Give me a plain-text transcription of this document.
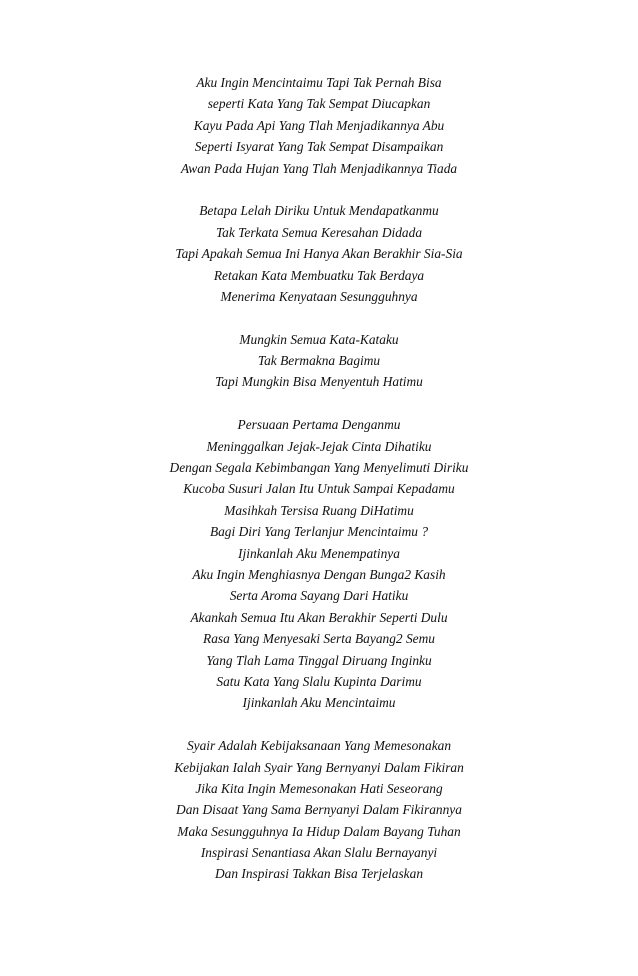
Aku Ingin Mencintaimu Tapi Tak Pernah Bisa
seperti Kata Yang Tak Sempat Diucapkan
Kayu Pada Api Yang Tlah Menjadikannya Abu
Seperti Isyarat Yang Tak Sempat Disampaikan
Awan Pada Hujan Yang Tlah Menjadikannya Tiada
Betapa Lelah Diriku Untuk Mendapatkanmu
Tak Terkata Semua Keresahan Didada
Tapi Apakah Semua Ini Hanya Akan Berakhir Sia-Sia
Retakan Kata Membuatku Tak Berdaya
Menerima Kenyataan Sesungguhnya
Mungkin Semua Kata-Kataku
Tak Bermakna Bagimu
Tapi Mungkin Bisa Menyentuh Hatimu
Persuaan Pertama Denganmu
Meninggalkan Jejak-Jejak Cinta Dihatiku
Dengan Segala Kebimbangan Yang Menyelimuti Diriku
Kucoba Susuri Jalan Itu Untuk Sampai Kepadamu
Masihkah Tersisa Ruang DiHatimu
Bagi Diri Yang Terlanjur Mencintaimu ?
Ijinkanlah Aku Menempatinya
Aku Ingin Menghiasnya Dengan Bunga2 Kasih
Serta Aroma Sayang Dari Hatiku
Akankah Semua Itu Akan Berakhir Seperti Dulu
Rasa Yang Menyesaki Serta Bayang2 Semu
Yang Tlah Lama Tinggal Diruang Inginku
Satu Kata Yang Slalu Kupinta Darimu
Ijinkanlah Aku Mencintaimu
Syair Adalah Kebijaksanaan Yang Memesonakan
Kebijakan Ialah Syair Yang Bernyanyi Dalam Fikiran
Jika Kita Ingin Memesonakan Hati Seseorang
Dan Disaat Yang Sama Bernyanyi Dalam Fikirannya
Maka Sesungguhnya Ia Hidup Dalam Bayang Tuhan
Inspirasi Senantiasa Akan Slalu Bernayanyi
Dan Inspirasi Takkan Bisa Terjelaskan
